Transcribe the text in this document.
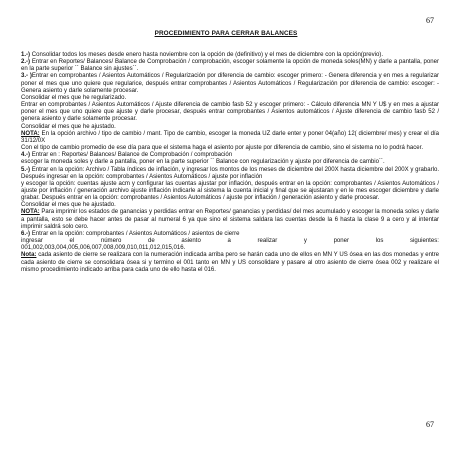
67
PROCEDIMIENTO PARA CERRAR BALANCES

1.-) Consolidar todos los meses desde enero hasta noviembre con la opción de (definitivo) y el mes de diciembre con la opción(previo).

2.-) Entrar en Reportes/ Balances/ Balance de Comprobación / comprobación, escoger solamente la opción de moneda soles(MN) y darle a pantalla, poner en la parte superior `` Balance sin ajustes´´.

3.- )Entrar en comprobantes / Asientos Automáticos / Regularización por diferencia de cambio: escoger primero: - Genera diferencia y en mes a regularizar poner el mes que uno quiere que regularice, después entrar comprobantes / Asientos Automáticos / Regularización por diferencia de cambio: escoger: - Genera asiento y darle solamente procesar.

Consolidar el mes que he regularizado.

Entrar en comprobantes / Asientos Automáticos / Ajuste diferencia de cambio fasb 52 y escoger primero: - Cálculo diferencia MN Y U$ y en mes a ajustar poner el mes que uno quiere que ajuste y darle procesar, después entrar comprobantes / Asientos automáticos / Ajuste diferencia de cambio fasb 52 / genera asiento y darle solamente procesar.

Consolidar el mes que he ajustado.

NOTA: En la opción archivo / tipo de cambio / mant. Tipo de cambio, escoger la moneda UZ darle enter y poner 04(año) 12( diciembre/ mes) y crear el día 31/12/0X

Con el tipo de cambio promedio de ese día para que el sistema haga el asiento por ajuste por diferencia de cambio, sino el sistema no lo podrá hacer.

4.-) Entrar en : Reportes/ Balances/ Balance de Comprobación / comprobación

escoger la moneda soles y darle a pantalla, poner en la parte superior `` Balance con regularización y ajuste por diferencia de cambio´´.

5.-) Entrar en la opción: Archivo / Tabla índices de inflación, y ingresar los montos de los meses de diciembre del 200X hasta diciembre del 200X y grabarlo. Después ingresar en la opción: comprobantes / Asientos Automáticos / ajuste por inflación

y escoger la opción: cuentas ajuste acm y configurar las cuentas ajustar por inflación, después entrar en la opción: comprobantes / Asientos Automáticos / ajuste por inflación / generación archivo ajuste inflación indicarle al sistema la cuenta inicial y final que se ajustaran y en le mes escoger diciembre y darle grabar. Después entrar en la opción: comprobantes / Asientos Automáticos / ajuste por inflación / generación asiento y darle procesar.

Consolidar el mes que he ajustado.

NOTA: Para imprimir los estados de ganancias y perdidas entrar en Reportes/ ganancias y perdidas/ del mes acumulado y escoger la moneda soles y darle a pantalla, esto se debe hacer antes de pasar al numeral 6 ya que sino el sistema saldara las cuentas desde la 6 hasta la clase 9 a cero y al intentar imprimir saldrá solo cero.

6.-) Entrar en la opción: comprobantes / Asientos Automáticos / asientos de cierre

ingresar	el	número	de	asiento	a	realizar	y	poner	los	siguientes:

001,002,003,004,005,006,007,008,009,010,011,012,015,016.

Nota: cada asiento de cierre se realizara con la numeración indicada arriba pero se harán cada uno de ellos en MN Y US ósea en las dos monedas y entre cada asiento de cierre se consolidara ósea si y termino el 001 tanto en MN y US consolidare y pasare al otro asiento de cierre ósea 002 y realizare el mismo procedimiento indicado arriba para cada uno de ello hasta el 016.

67
